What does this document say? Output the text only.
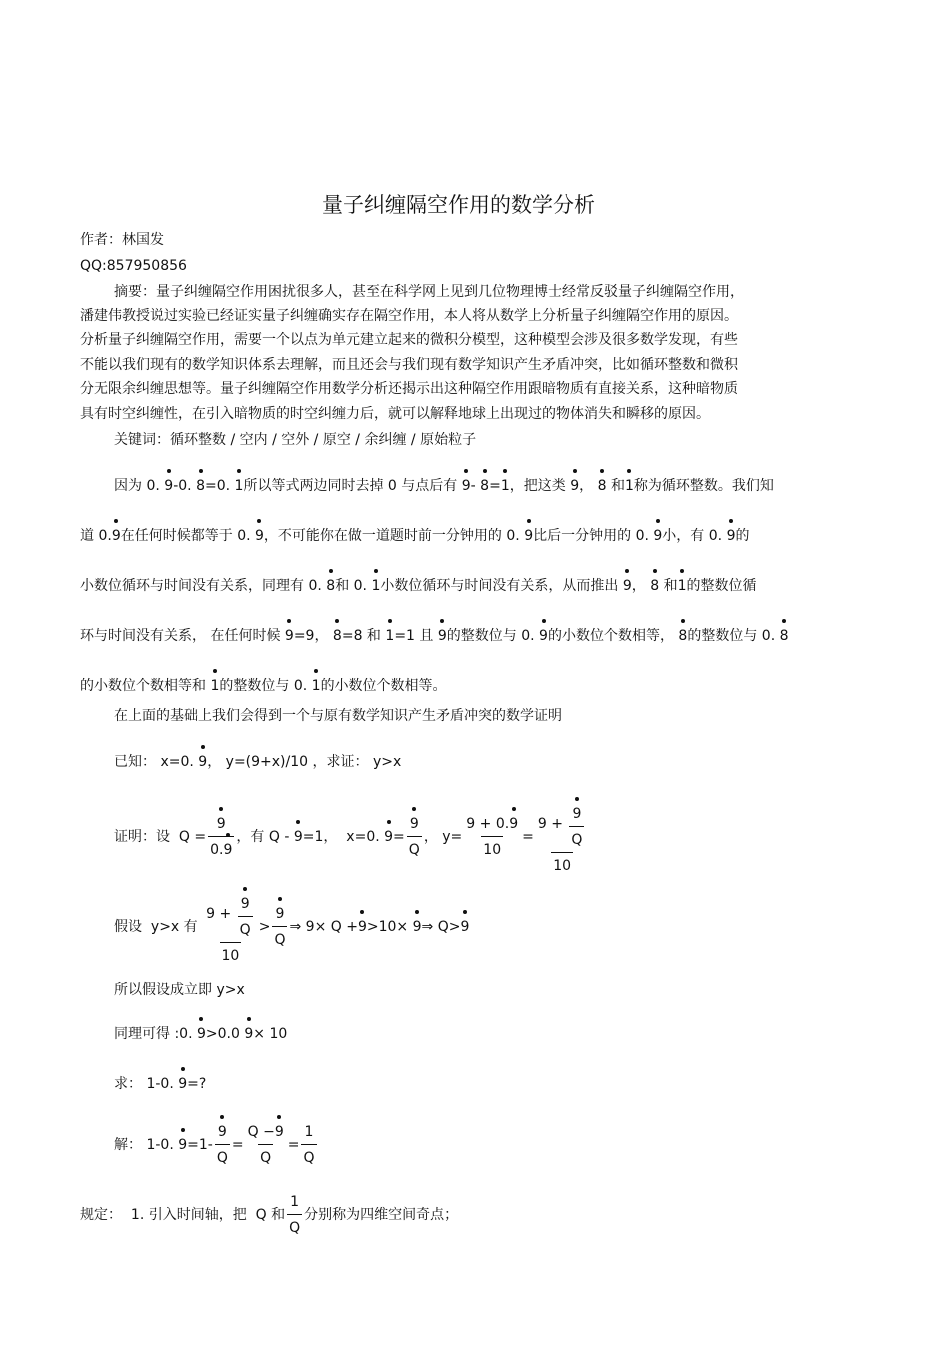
量子纠缠隔空作用的数学分析
作者：林国发
QQ:857950856
摘要：量子纠缠隔空作用困扰很多人，甚至在科学网上见到几位物理博士经常反驳量子纠缠隔空作用，
潘建伟教授说过实验已经证实量子纠缠确实存在隔空作用，本人将从数学上分析量子纠缠隔空作用的原因。
分析量子纠缠隔空作用，需要一个以点为单元建立起来的微积分模型，这种模型会涉及很多数学发现，有些
不能以我们现有的数学知识体系去理解，而且还会与我们现有数学知识产生矛盾冲突，比如循环整数和微积
分无限余纠缠思想等。量子纠缠隔空作用数学分析还揭示出这种隔空作用跟暗物质有直接关系，这种暗物质
具有时空纠缠性，在引入暗物质的时空纠缠力后，就可以解释地球上出现过的物体消失和瞬移的原因。
关键词：循环整数 / 空内 / 空外 / 原空 / 余纠缠 / 原始粒子
因为 0. 9-0. 8=0. 1所以等式两边同时去掉 0 与点后有 9- 8=1，把这类 9， 8 和1称为循环整数。我们知
道 0.9在任何时候都等于 0. 9，不可能你在做一道题时前一分钟用的 0. 9比后一分钟用的 0. 9小，有 0. 9的
小数位循环与时间没有关系，同理有 0. 8和 0. 1小数位循环与时间没有关系，从而推出 9， 8 和1的整数位循
环与时间没有关系， 在任何时候 9=9， 8=8 和 1=1 且 9的整数位与 0. 9的小数位个数相等， 8的整数位与 0. 8
的小数位个数相等和 1的整数位与 0. 1的小数位个数相等。
在上面的基础上我们会得到一个与原有数学知识产生矛盾冲突的数学证明
已知： x=0. 9， y=(9+x)/10 ，求证： y>x
证明：设
$Q = \frac{9}{0.9}$ ，有
Q - 9 =1，
x=0.
$9 = \frac{9}{Q}$ ，
$y= \frac{9 + 0.9}{10} = 9$ +
$\frac{9}{Q}$
10
假设
y>x
有
9 +
$\frac{9}{Q}$
$10 > \frac{9}{Q}$ ⇒
9× Q + 9 >10×
9 ⇒
Q> 9
所以假设成立即 y>x
同理可得 :0. 9>0.0 9× 10
求： 1-0. 9=?
解：
1-0.
$9 =1- \frac{9}{Q} = \frac{Q -9}{Q} = \frac{1}{Q}$
规定：
1. 引入时间轴，把
Q 和 $\frac{1}{Q}$ 分别称为四维空间奇点；
